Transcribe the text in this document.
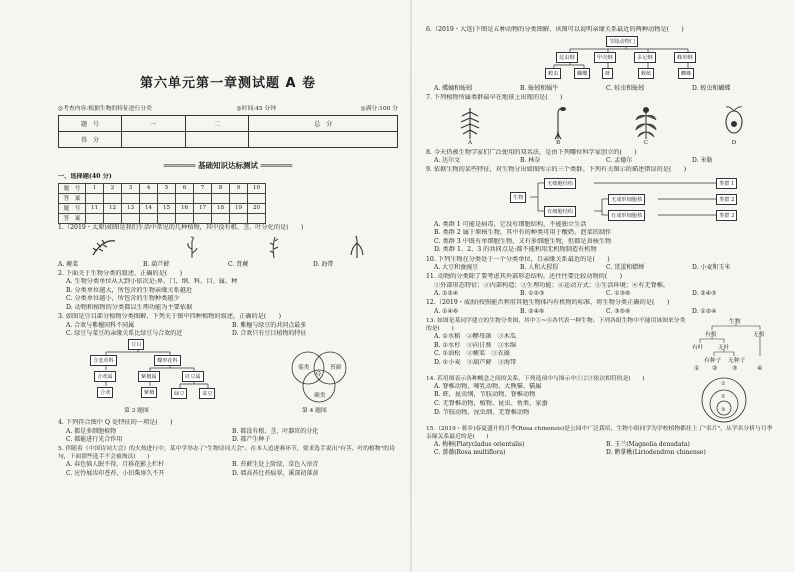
第六单元第一章测试题 A 卷
◎考查内容:根据生物的特征进行分类	◎时间:45 分钟	◎满分:100 分
题　号	一	二	总　分
得　分			
═══════ 基础知识达标测试 ═══════
一、选择题(40 分)
题　号	1	2	3	4	5	6	7	8	9	10
答　案										
题　号	11	12	13	14	15	16	17	18	19	20
答　案										
1.（2019・太原)如图是我们生活中常见的几种植物，其中没有根、茎、叶分化的是(　　)
A. 蕨菜	B. 葫芦藓	C. 肾蕨	D. 海带
2. 下面关于生物分类的叙述，正确的是(　　)
A. 生物分类单位从大到小依次是:界、门、纲、科、目、属、种
B. 分类单位越大，所包含的生物亲缘关系越近
C. 分类单位越小，所包含的生物种类越少
D. 动物和植物的分类都以生理功能为主要依据
3. 如图是豆目部分植物分类图解，下列关于图中四种植物的叙述，正确的是(　　)
A. 合欢与紫檀同科不同属	B. 紫檀与绿豆的共同点最多
C. 绿豆与菜豆的亲缘关系比绿豆与合欢的近	D. 合欢只有豆目植物的特征
豆目
含羞草科	蝶形花科
合欢属	紫檀属	豇豆属
合欢	紫檀	绿豆	菜豆
第 3 题图
菊类	苔藓
蕨类
Q
第 4 题图
4. 下列符合图中 Q 处特征的一项是(　　)
A. 都是多细胞植物	B. 都没有根、茎、叶器官的分化
C. 都能进行光合作用	D. 都产生种子
5. 伴随着《中国诗词大会》的火热进行中，某中学举办了"生物诗词大会"。在本人追逐赛环节，要求选手说出"有茎、叶的植物"的诗句，下面那些选手不会被淘汰(　　)
A. 春色恼人眠不得，月移花影上栏杆	B. 苔藓生处上阶绿，草色入帘青
C. 应怜屐齿印苍苔，小扣柴扉久不开	D. 墙高苔壮苔痕翠，溪深初落黄
6.（2019・大连)下图是五种动物的分类图解，该图可以说明亲缘关系最近的两种动物是(　　)
节肢动物门
昆虫纲	甲壳纲	多足纲	蛛形纲
蝗虫	蝴蝶	虾	蜈蚣	蜘蛛
A. 蝶蛹和蚯蚓	B. 蚯蚓和蜗牛	C. 蛙虫和蚯蚓	D. 蝗虫和蝴蝶
7. 下列植物所属类群最早在地球上出现的是(　　)
A	B	C	D
8. 今天仍被生物学家们广泛使用的双名法，是由下列哪位科学家创立的(　　)
A. 达尔文	B. 林奈	C. 孟德尔	D. 米勒
9. 依据生物的某些特征，对生物分出如图所示的三个类群。下列有关图示的描述错误的是(　　)
生物
无细胞结构
有细胞结构
无成形细胞核
有成形细胞核
类群 1
类群 2
类群 3
A. 类群 1 可能是病毒，它没有细胞结构，不能独立生活
B. 类群 2 属于原核生物，其中有的种类可用于酸奶、泡菜的制作
C. 类群 3 中既有单细胞生物，又有多细胞生物，但都是真核生物
D. 类群 1、2、3 的共同点是:都不能利用无机物制造有机物
10. 下列生物在分类处于一个分类单位，且亲缘关系最近的是(　　)
A. 大豆和蚕豌豆	B. 人和大猩猩	C. 贯蛋和蜡蝉	D. 小麦和玉米
11. 动物的分类除了要考虑其外部形态结构，还往往要比较动物的(　　)
①外部形态特征；②内部构造；③生理功能；④运动方式；⑤生活环境；⑥有无脊椎。
A. ①②④	B. ①②③	C. ①③⑥	D. ②④⑤
12.（2019・威海)按照能否利用其他生物体内有机物的标准，将生物分类正确的是(　　)
A. ①④⑥	B. ②④⑥	C. ③⑤⑥	D. ①②④
13. 如图是某同学建立的生物分类图，其中①~④各代表一种生物。下列各组生物中不能用该图来分类的是(　　)
A. ①水稻　②酵母菌　③木瓜
B. ①水杉　②向日葵　③水绵
C. ①油松　②蕨菜　③衣藻
D. ①小麦　②葫芦藓　③海带
生物
有根	无根
有叶 无叶
有种子 无种子
① ②	③	④
14. 若用图表示各种概念之间的关系，下列选项中与图示中①②③依次相符的是(　　)
A. 脊椎动物，哺乳动物、大熊猫、猫属
B. 虾，昆虫纲，节肢动物、脊椎动物
C. 无脊椎动物，植物、昆虫、鱼类、家蚕
D. 节肢动物、昆虫纲、无脊椎动物	③
②
①
15.（2019・蒋乡)春夏盛开的月季(Rosa chinensis)是公园中广泛栽培，生物小组同学为学校植物都挂上了"名片"，从学名分析与月季亲缘关系最近的是(　　)
A. 梅桐(Platycladus orientalis)	B. 玉兰(Magnolia denudata)
C. 蔷薇(Rosa multiflora)	D. 鹅掌楸(Liriodendron chinense)
